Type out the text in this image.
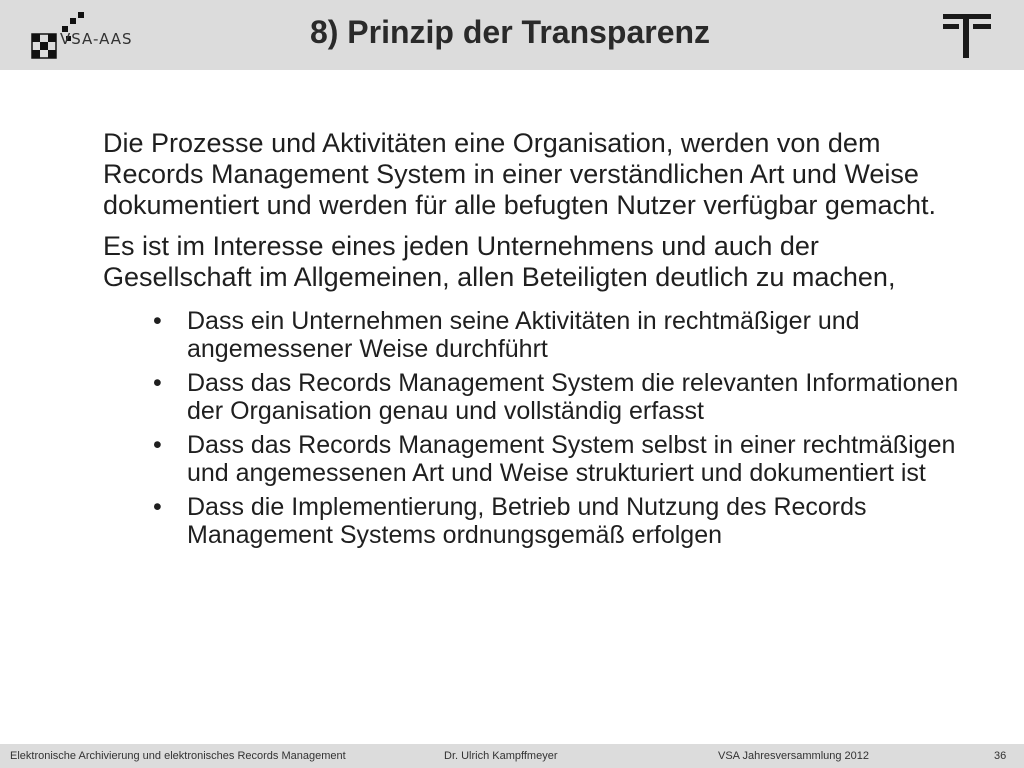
VSA-AAS	8) Prinzip der Transparenz

Die Prozesse und Aktivitäten eine Organisation, werden von dem Records Management System in einer verständlichen Art und Weise dokumentiert und werden für alle befugten Nutzer verfügbar gemacht.

Es ist im Interesse eines jeden Unternehmens und auch der Gesellschaft im Allgemeinen, allen Beteiligten deutlich zu machen,

• Dass ein Unternehmen seine Aktivitäten in rechtmäßiger und angemessener Weise durchführt
• Dass das Records Management System die relevanten Informationen der Organisation genau und vollständig erfasst
• Dass das Records Management System selbst in einer rechtmäßigen und angemessenen Art und Weise strukturiert und dokumentiert ist
• Dass die Implementierung, Betrieb und Nutzung des Records Management Systems ordnungsgemäß erfolgen
Elektronische Archivierung und elektronisches Records Management	Dr. Ulrich Kampffmeyer	VSA Jahresversammlung 2012	36
